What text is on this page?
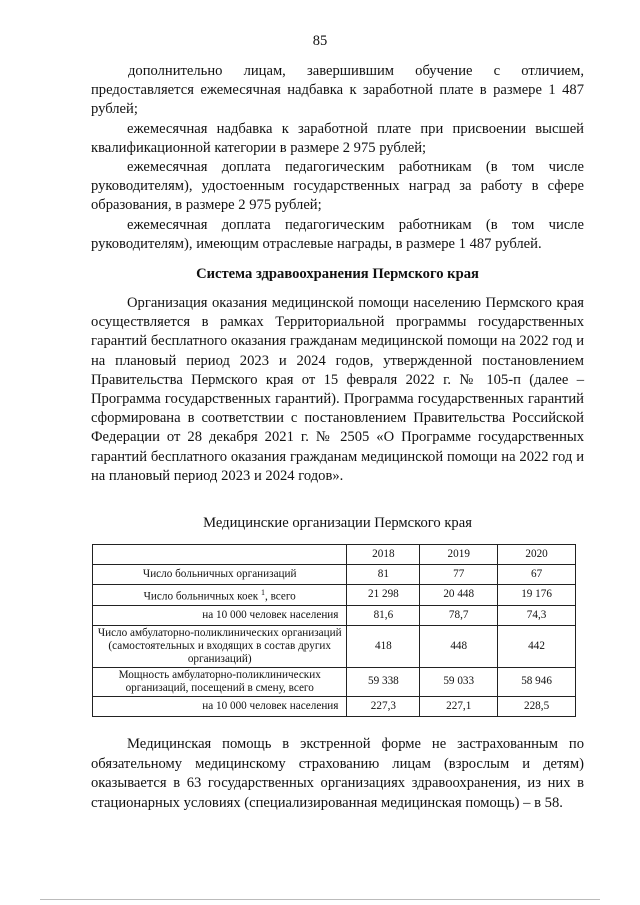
85

дополнительно лицам, завершившим обучение с отличием, предоставляется ежемесячная надбавка к заработной плате в размере 1 487 рублей;

ежемесячная надбавка к заработной плате при присвоении высшей квалификационной категории в размере 2 975 рублей;

ежемесячная доплата педагогическим работникам (в том числе руководителям), удостоенным государственных наград за работу в сфере образования, в размере 2 975 рублей;

ежемесячная доплата педагогическим работникам (в том числе руководителям), имеющим отраслевые награды, в размере 1 487 рублей.

Система здравоохранения Пермского края

Организация оказания медицинской помощи населению Пермского края осуществляется в рамках Территориальной программы государственных гарантий бесплатного оказания гражданам медицинской помощи на 2022 год и на плановый период 2023 и 2024 годов, утвержденной постановлением Правительства Пермского края от 15 февраля 2022 г. № 105-п (далее – Программа государственных гарантий). Программа государственных гарантий сформирована в соответствии с постановлением Правительства Российской Федерации от 28 декабря 2021 г. № 2505 «О Программе государственных гарантий бесплатного оказания гражданам медицинской помощи на 2022 год и на плановый период 2023 и 2024 годов».

Медицинские организации Пермского края
	2018	2019	2020
Число больничных организаций	81	77	67
Число больничных коек $^1$, всего	21 298	20 448	19 176
на 10 000 человек населения	81,6	78,7	74,3
Число амбулаторно-поликлинических организаций (самостоятельных и входящих в состав других организаций)	418	448	442
Мощность амбулаторно-поликлинических организаций, посещений в смену, всего	59 338	59 033	58 946
на 10 000 человек населения	227,3	227,1	228,5

Медицинская помощь в экстренной форме не застрахованным по обязательному медицинскому страхованию лицам (взрослым и детям) оказывается в 63 государственных организациях здравоохранения, из них в стационарных условиях (специализированная медицинская помощь) – в 58.
